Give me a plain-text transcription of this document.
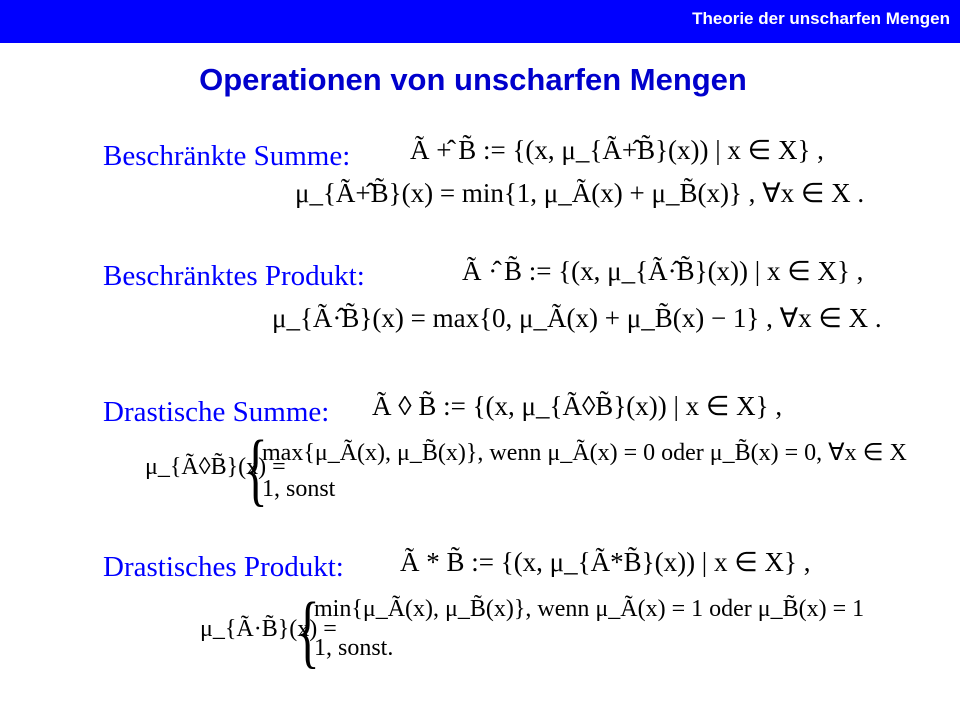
Theorie der unscharfen Mengen
Operationen von unscharfen Mengen
Beschränkte Summe: Ã +̂ B̃ := {(x, μ_{Ã+̂B̃}(x)) | x ∈ X} ,
μ_{Ã+̂B̃}(x) = min{1, μ_Ã(x) + μ_B̃(x)} , ∀x ∈ X .
Beschränktes Produkt:	Ã ·̂ B̃ := {(x, μ_{Ã·̂B̃}(x)) | x ∈ X} ,
μ_{Ã·̂B̃}(x) = max{0, μ_Ã(x) + μ_B̃(x) − 1} , ∀x ∈ X .
Drastische Summe: Ã ◊ B̃ := {(x, μ_{Ã◊B̃}(x)) | x ∈ X} ,
μ_{Ã◊B̃}(x) =
{
max{μ_Ã(x), μ_B̃(x)}, wenn μ_Ã(x) = 0 oder μ_B̃(x) = 0, ∀x ∈ X
1, sonst
Drastisches Produkt: Ã * B̃ := {(x, μ_{Ã*B̃}(x)) | x ∈ X} ,
μ_{Ã·B̃}(x) =
{
min{μ_Ã(x), μ_B̃(x)}, wenn μ_Ã(x) = 1 oder μ_B̃(x) = 1
1, sonst.
